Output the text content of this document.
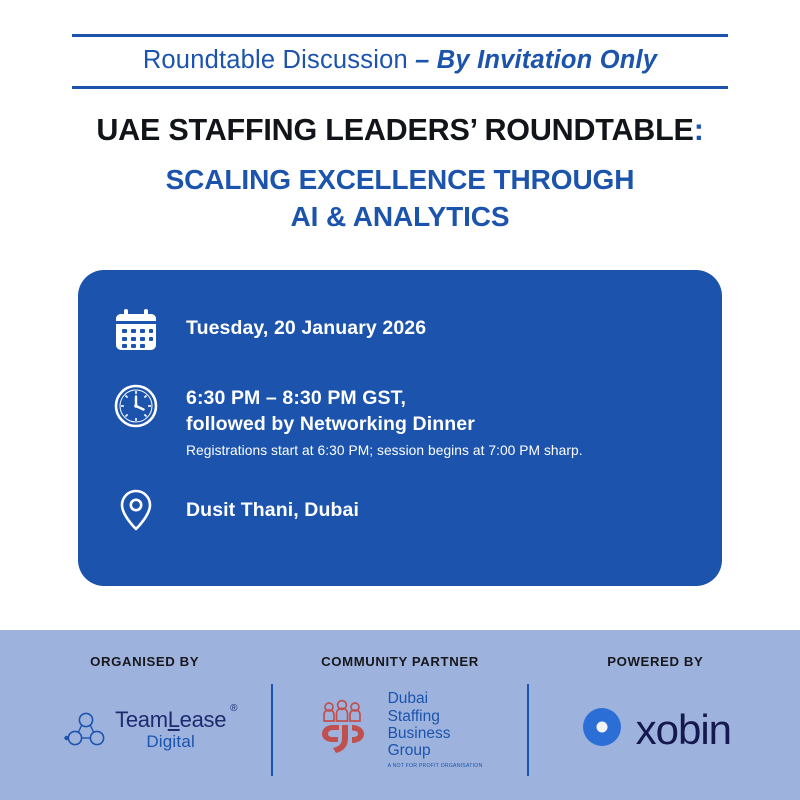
Roundtable Discussion – By Invitation Only
UAE STAFFING LEADERS’ ROUNDTABLE:
SCALING EXCELLENCE THROUGH
AI & ANALYTICS
Tuesday, 20 January 2026
6:30 PM – 8:30 PM GST,
followed by Networking Dinner
Registrations start at 6:30 PM; session begins at 7:00 PM sharp.
Dusit Thani, Dubai
ORGANISED BY
TeamLease ®
Digital
COMMUNITY PARTNER
Dubai
Staffing
Business
Group
A NOT FOR PROFIT ORGANISATION
POWERED BY
xobin
